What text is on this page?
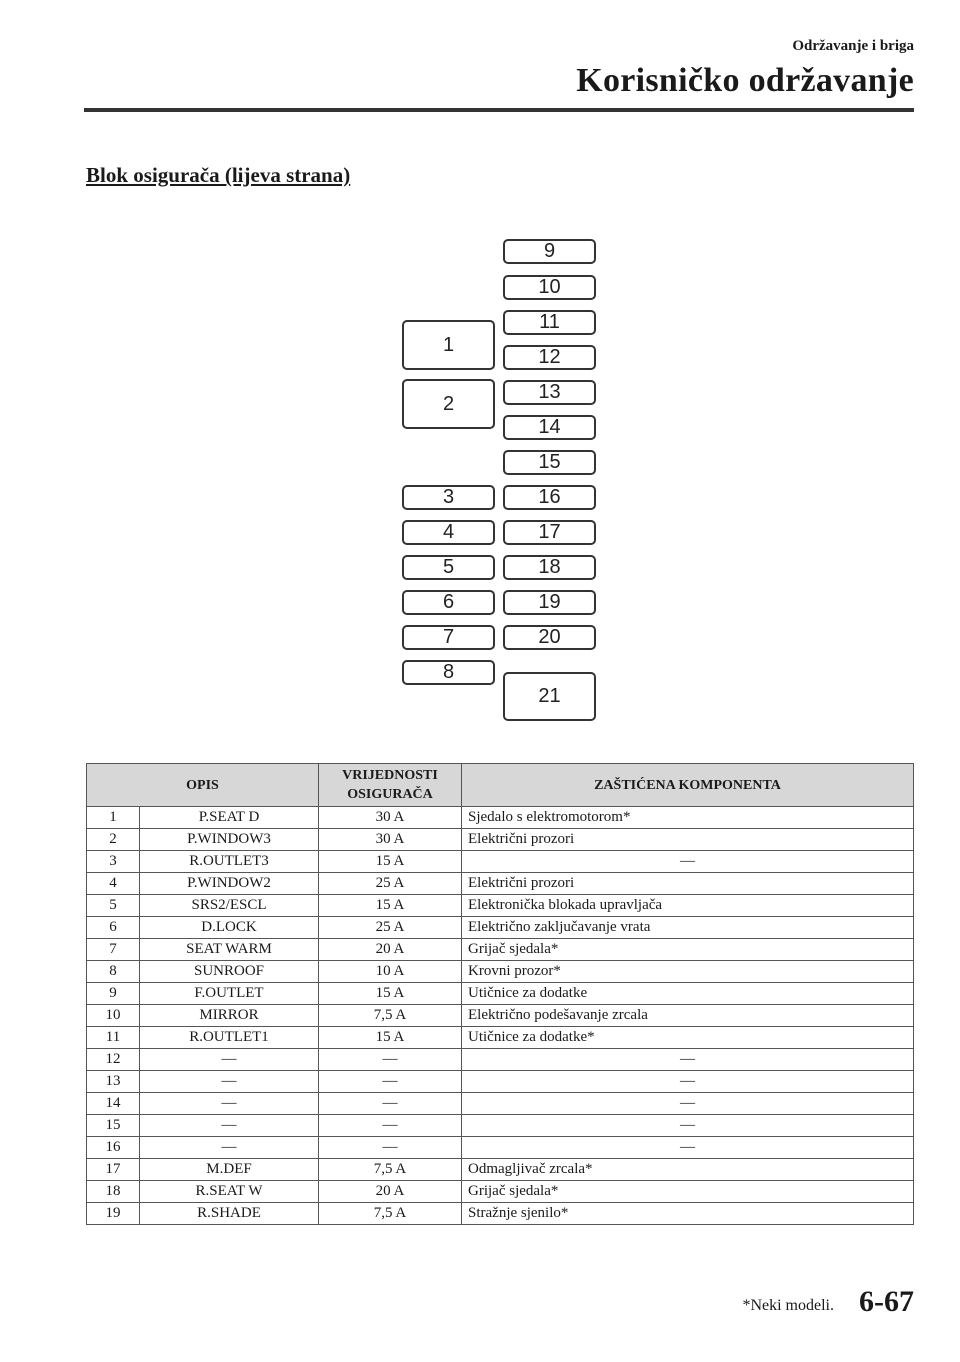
Održavanje i briga
Korisničko održavanje
Blok osigurača (lijeva strana)
1
2
3
4
5
6
7
8
9
10
11
12
13
14
15
16
17
18
19
20
21
OPIS		VRIJEDNOSTI
OSIGURAČA	ZAŠTIĆENA KOMPONENTA
1	P.SEAT D	30 A	Sjedalo s elektromotorom*
2	P.WINDOW3	30 A	Električni prozori
3	R.OUTLET3	15 A	—
4	P.WINDOW2	25 A	Električni prozori
5	SRS2/ESCL	15 A	Elektronička blokada upravljača
6	D.LOCK	25 A	Električno zaključavanje vrata
7	SEAT WARM	20 A	Grijač sjedala*
8	SUNROOF	10 A	Krovni prozor*
9	F.OUTLET	15 A	Utičnice za dodatke
10	MIRROR	7,5 A	Električno podešavanje zrcala
11	R.OUTLET1	15 A	Utičnice za dodatke*
12	—	—	—
13	—	—	—
14	—	—	—
15	—	—	—
16	—	—	—
17	M.DEF	7,5 A	Odmagljivač zrcala*
18	R.SEAT W	20 A	Grijač sjedala*
19	R.SHADE	7,5 A	Stražnje sjenilo*
*Neki modeli. 6-67
